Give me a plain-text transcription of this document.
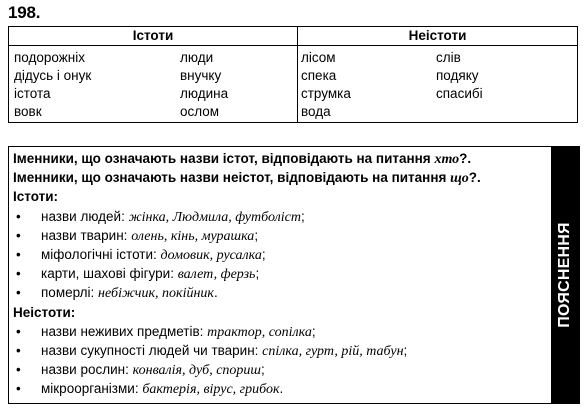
198.
Істоти	Неістоти
подорожніх
дідусь і онук
істота
вовк
люди
внучку
людина
ослом
лісом
спека
струмка
вода
слів
подяку
спасибі
Іменники, що означають назви істот, відповідають на питання хто?.
Іменники, що означають назви неістот, відповідають на питання що?.
Істоти:
• назви людей: жінка, Людмила, футболіст;
• назви тварин: олень, кінь, мурашка;
• міфологічні істоти: домовик, русалка;
• карти, шахові фігури: валет, ферзь;
• померлі: небіжчик, покійник.
Неістоти:
• назви неживих предметів: трактор, сопілка;
• назви сукупності людей чи тварин: спілка, гурт, рій, табун;
• назви рослин: конвалія, дуб, спориш;
• мікроорганізми: бактерія, вірус, грибок.
ПОЯСНЕННЯ
